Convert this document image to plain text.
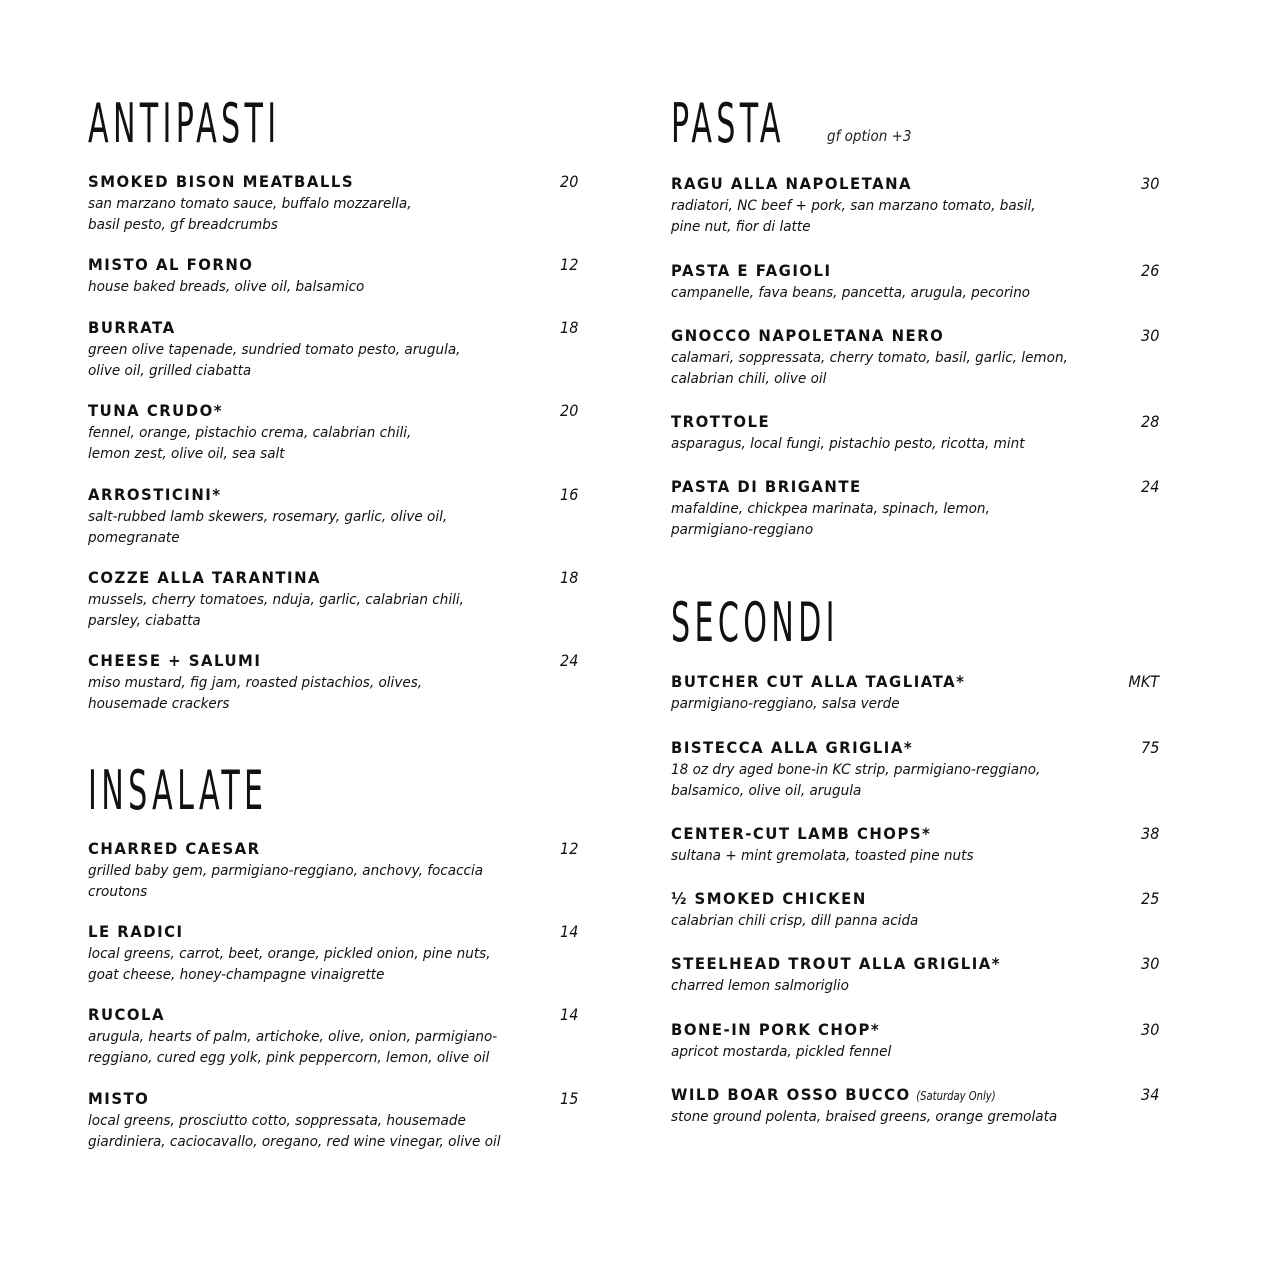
ANTIPASTI
SMOKED BISON MEATBALLS	20
san marzano tomato sauce, buffalo mozzarella,
basil pesto, gf breadcrumbs
MISTO AL FORNO	12
house baked breads, olive oil, balsamico
BURRATA	18
green olive tapenade, sundried tomato pesto, arugula,
olive oil, grilled ciabatta
TUNA CRUDO*	20
fennel, orange, pistachio crema, calabrian chili,
lemon zest, olive oil, sea salt
ARROSTICINI*	16
salt-rubbed lamb skewers, rosemary, garlic, olive oil,
pomegranate
COZZE ALLA TARANTINA	18
mussels, cherry tomatoes, nduja, garlic, calabrian chili,
parsley, ciabatta
CHEESE + SALUMI	24
miso mustard, fig jam, roasted pistachios, olives,
housemade crackers
INSALATE
CHARRED CAESAR	12
grilled baby gem, parmigiano-reggiano, anchovy, focaccia
croutons
LE RADICI	14
local greens, carrot, beet, orange, pickled onion, pine nuts,
goat cheese, honey-champagne vinaigrette
RUCOLA	14
arugula, hearts of palm, artichoke, olive, onion, parmigiano-
reggiano, cured egg yolk, pink peppercorn, lemon, olive oil
MISTO	15
local greens, prosciutto cotto, soppressata, housemade
giardiniera, caciocavallo, oregano, red wine vinegar, olive oil
PASTA	gf option +3
RAGU ALLA NAPOLETANA	30
radiatori, NC beef + pork, san marzano tomato, basil,
pine nut, fior di latte
PASTA E FAGIOLI	26
campanelle, fava beans, pancetta, arugula, pecorino
GNOCCO NAPOLETANA NERO	30
calamari, soppressata, cherry tomato, basil, garlic, lemon,
calabrian chili, olive oil
TROTTOLE	28
asparagus, local fungi, pistachio pesto, ricotta, mint
PASTA DI BRIGANTE	24
mafaldine, chickpea marinata, spinach, lemon,
parmigiano-reggiano
SECONDI
BUTCHER CUT ALLA TAGLIATA*	MKT
parmigiano-reggiano, salsa verde
BISTECCA ALLA GRIGLIA*	75
18 oz dry aged bone-in KC strip, parmigiano-reggiano,
balsamico, olive oil, arugula
CENTER-CUT LAMB CHOPS*	38
sultana + mint gremolata, toasted pine nuts
½ SMOKED CHICKEN	25
calabrian chili crisp, dill panna acida
STEELHEAD TROUT ALLA GRIGLIA*	30
charred lemon salmoriglio
BONE-IN PORK CHOP*	30
apricot mostarda, pickled fennel
WILD BOAR OSSO BUCCO (Saturday Only)	34
stone ground polenta, braised greens, orange gremolata
